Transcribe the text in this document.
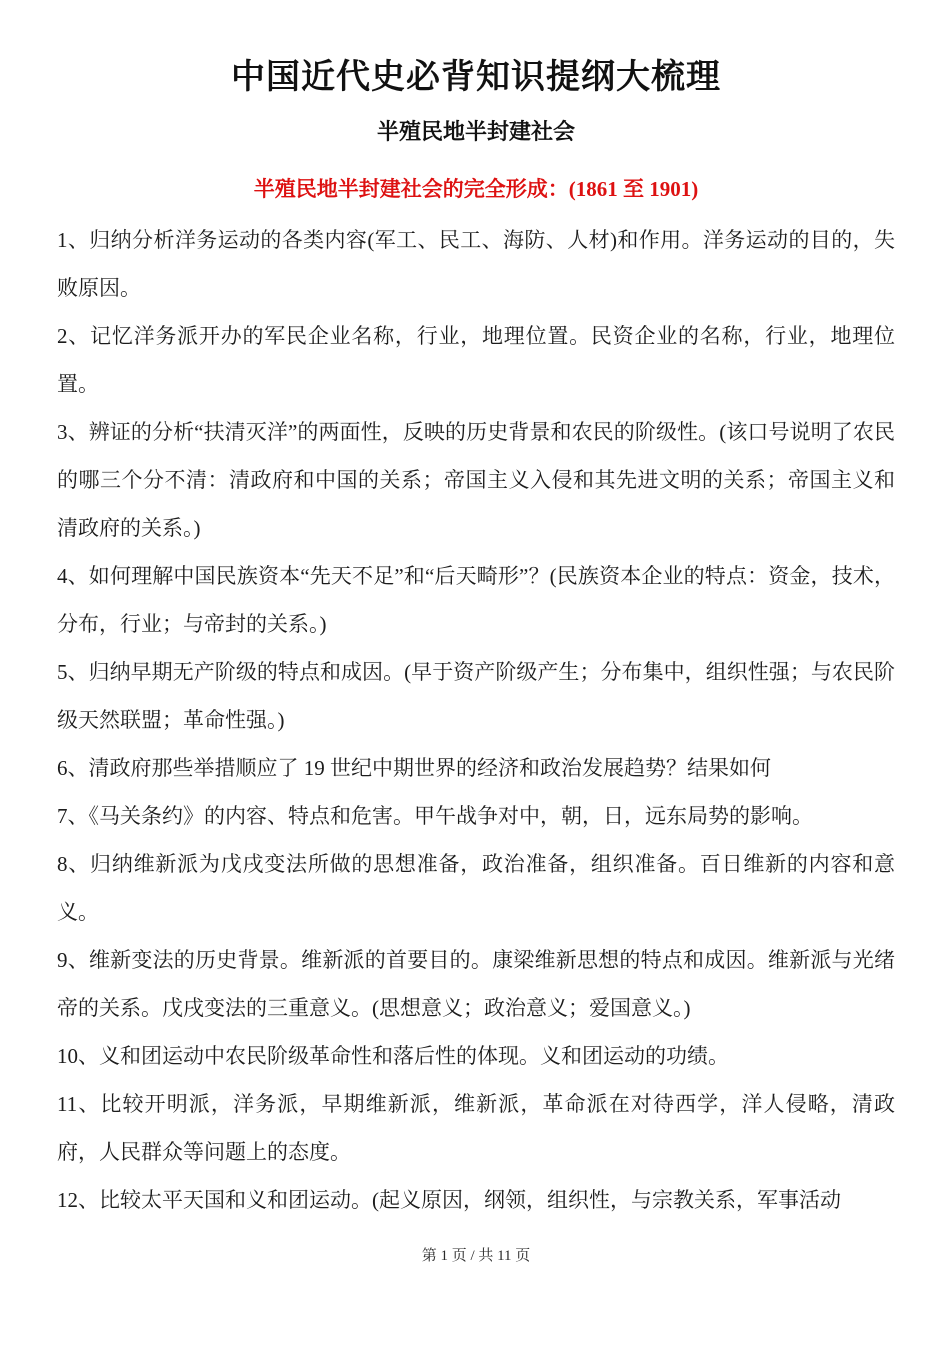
中国近代史必背知识提纲大梳理
半殖民地半封建社会
半殖民地半封建社会的完全形成：(1861 至 1901)

1、归纳分析洋务运动的各类内容(军工、民工、海防、人材)和作用。洋务运动的目的，失败原因。

2、记忆洋务派开办的军民企业名称，行业，地理位置。民资企业的名称，行业，地理位置。

3、辨证的分析“扶清灭洋”的两面性，反映的历史背景和农民的阶级性。(该口号说明了农民的哪三个分不清：清政府和中国的关系；帝国主义入侵和其先进文明的关系；帝国主义和清政府的关系。)

4、如何理解中国民族资本“先天不足”和“后天畸形”？(民族资本企业的特点：资金，技术，分布，行业；与帝封的关系。)

5、归纳早期无产阶级的特点和成因。(早于资产阶级产生；分布集中，组织性强；与农民阶级天然联盟；革命性强。)

6、清政府那些举措顺应了 19 世纪中期世界的经济和政治发展趋势？结果如何

7、《马关条约》的内容、特点和危害。甲午战争对中，朝，日，远东局势的影响。

8、归纳维新派为戊戌变法所做的思想准备，政治准备，组织准备。百日维新的内容和意义。

9、维新变法的历史背景。维新派的首要目的。康梁维新思想的特点和成因。维新派与光绪帝的关系。戊戌变法的三重意义。(思想意义；政治意义；爱国意义。)

10、义和团运动中农民阶级革命性和落后性的体现。义和团运动的功绩。

11、比较开明派，洋务派，早期维新派，维新派，革命派在对待西学，洋人侵略，清政府，人民群众等问题上的态度。

12、比较太平天国和义和团运动。(起义原因，纲领，组织性，与宗教关系，军事活动

第 1 页 / 共 11 页
